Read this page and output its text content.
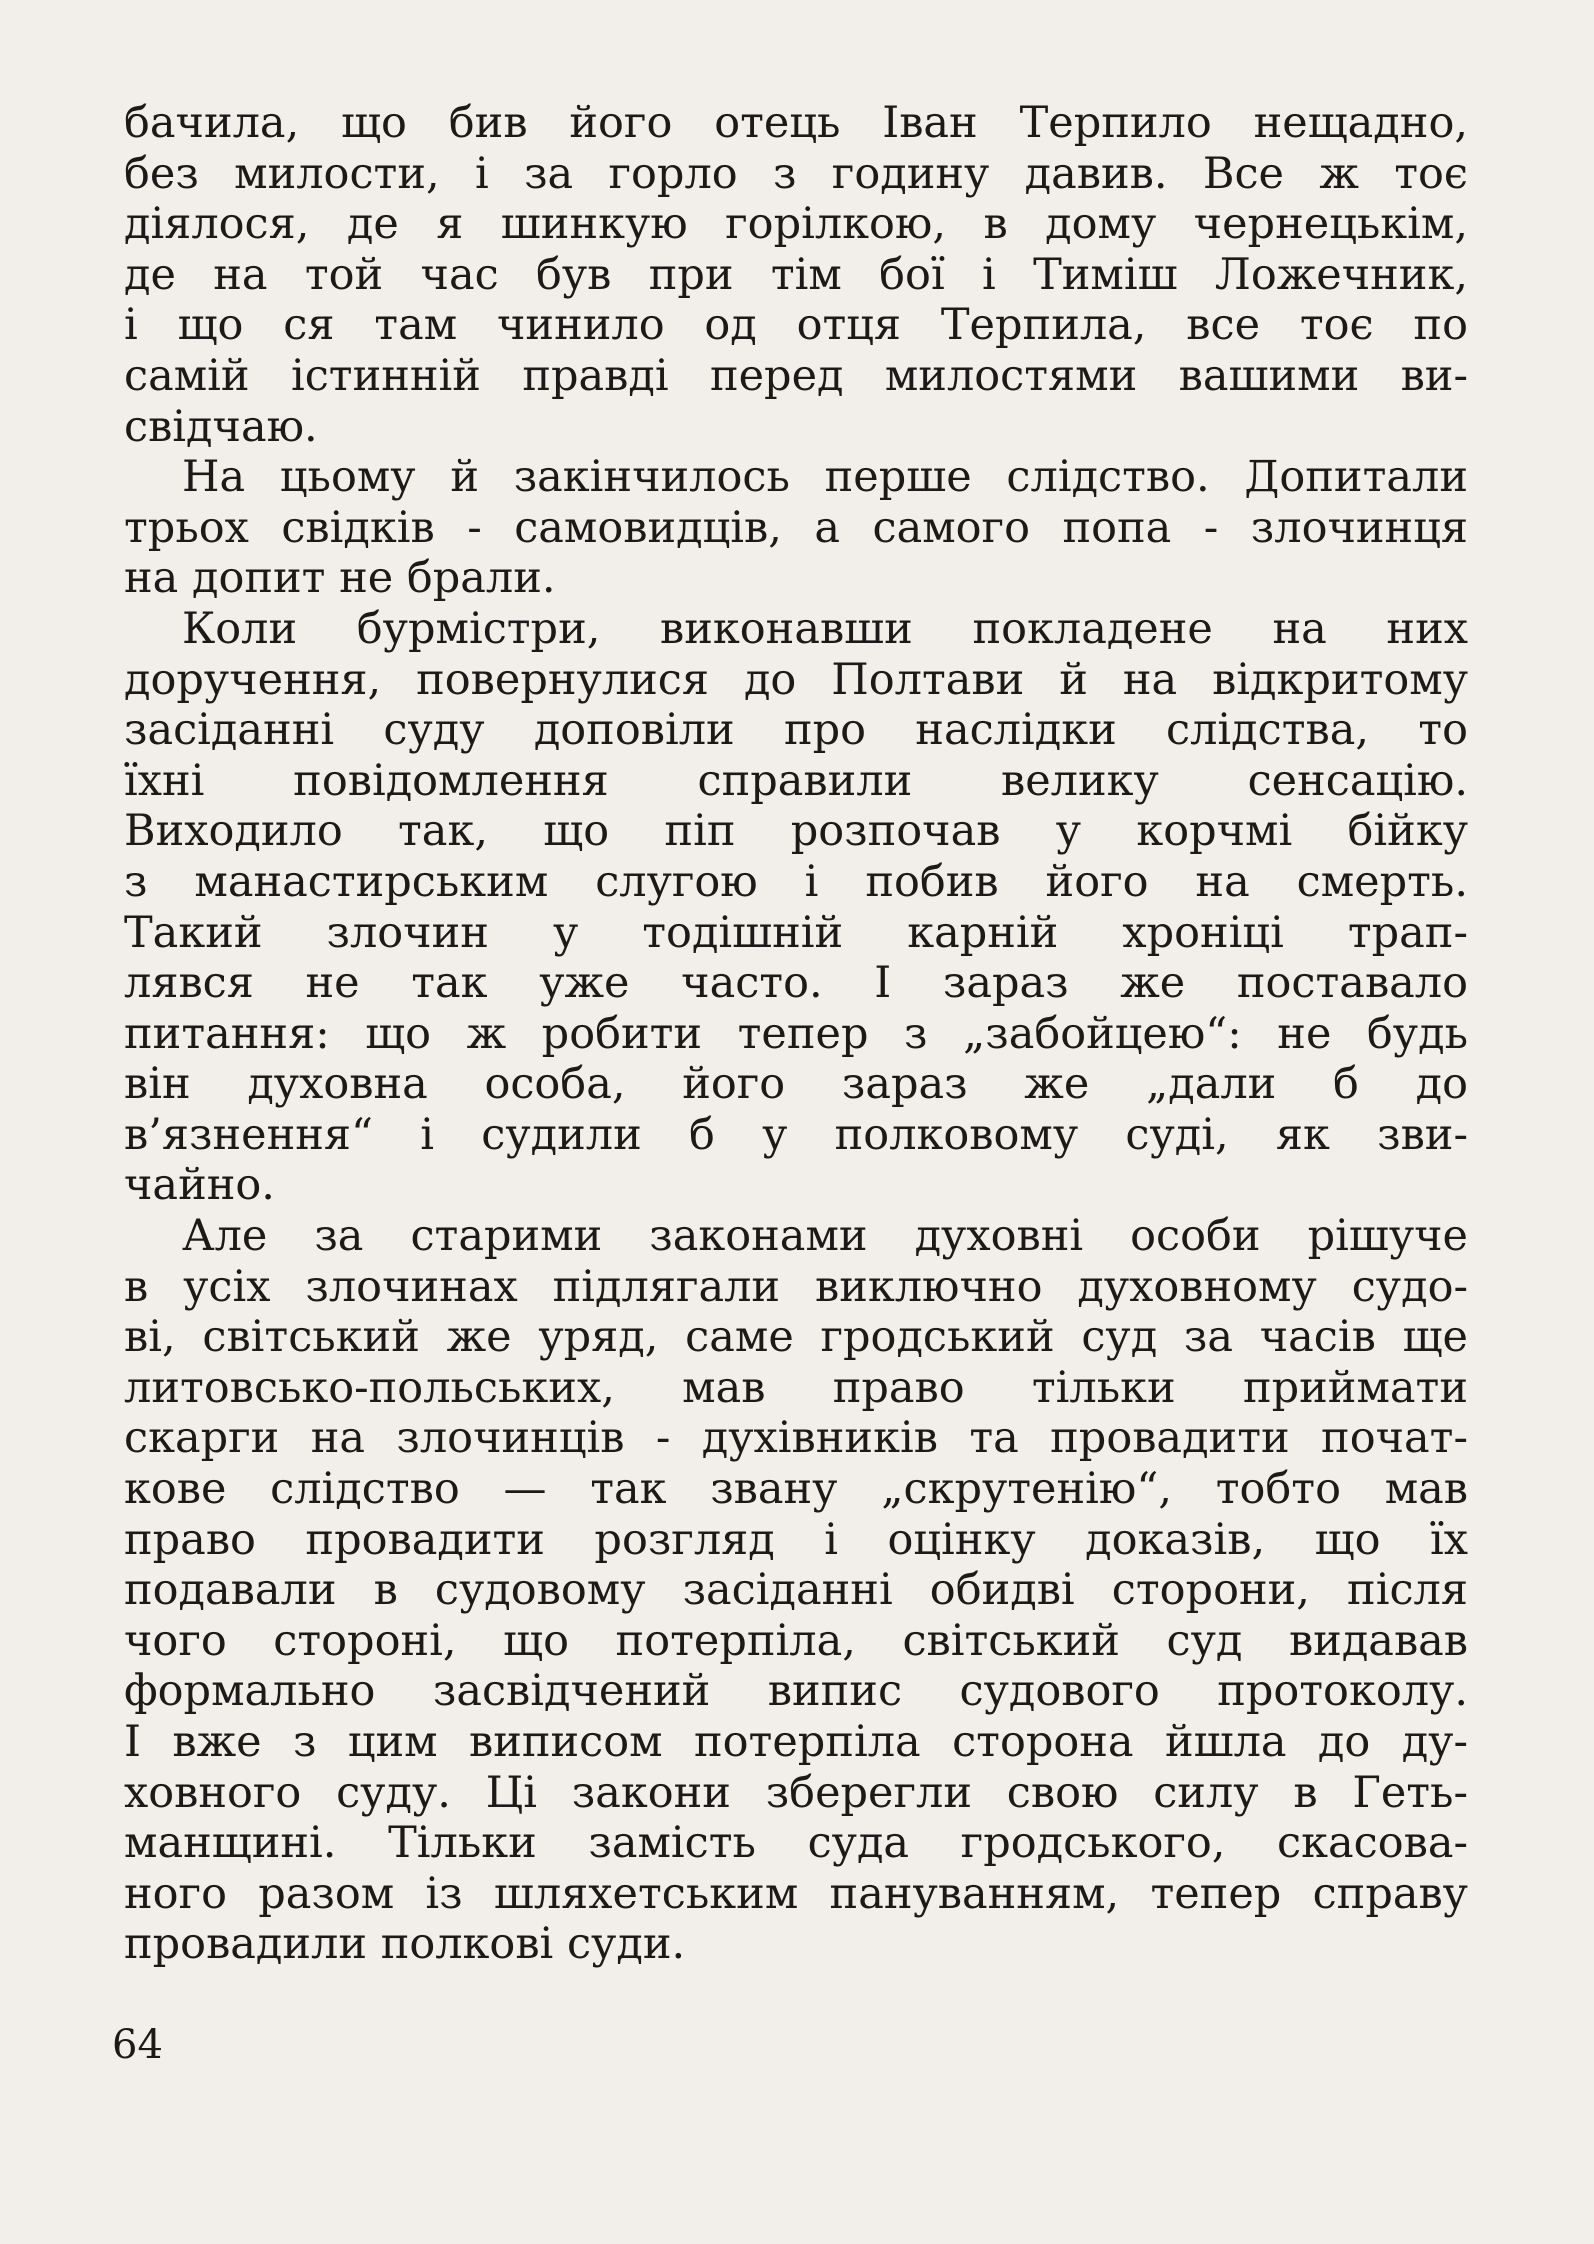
бачила, що бив його отець Іван Терпило нещадно,
без милости, і за горло з годину давив. Все ж тоє
діялося, де я шинкую горілкою, в дому чернецькім,
де на той час був при тім бої і Тиміш Ложечник,
і що ся там чинило од отця Терпила, все тоє по
самій істинній правді перед милостями вашими ви-
свідчаю.
На цьому й закінчилось перше слідство. Допитали
трьох свідків - самовидців, а самого попа - злочинця
на допит не брали.
Коли бурмістри, виконавши покладене на них
доручення, повернулися до Полтави й на відкритому
засіданні суду доповіли про наслідки слідства, то
їхні повідомлення справили велику сенсацію.
Виходило так, що піп розпочав у корчмі бійку
з манастирським слугою і побив його на смерть.
Такий злочин у тодішній карній хроніці трап-
лявся не так уже часто. І зараз же поставало
питання: що ж робити тепер з „забойцею“: не будь
він духовна особа, його зараз же „дали б до
в’язнення“ і судили б у полковому суді, як зви-
чайно.
Але за старими законами духовні особи рішуче
в усіх злочинах підлягали виключно духовному судо-
ві, світський же уряд, саме гродський суд за часів ще
литовсько-польських, мав право тільки приймати
скарги на злочинців - духівників та провадити почат-
кове слідство — так звану „скрутенію“, тобто мав
право провадити розгляд і оцінку доказів, що їх
подавали в судовому засіданні обидві сторони, після
чого стороні, що потерпіла, світський суд видавав
формально засвідчений випис судового протоколу.
І вже з цим виписом потерпіла сторона йшла до ду-
ховного суду. Ці закони зберегли свою силу в Геть-
манщині. Тільки замість суда гродського, скасова-
ного разом із шляхетським пануванням, тепер справу
провадили полкові суди.
64
